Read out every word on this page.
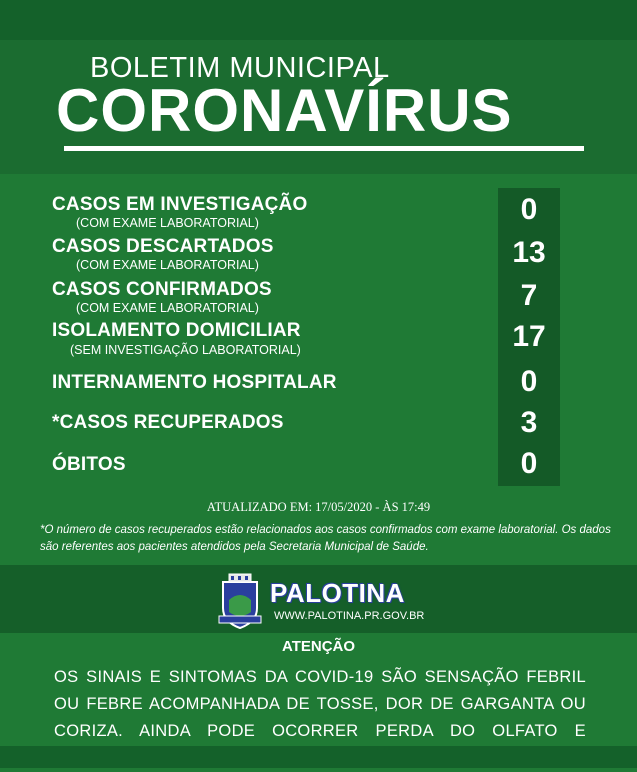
BOLETIM MUNICIPAL
CORONAVÍRUS
CASOS EM INVESTIGAÇÃO
(COM EXAME LABORATORIAL)	0
CASOS DESCARTADOS
(COM EXAME LABORATORIAL)	13
CASOS CONFIRMADOS
(COM EXAME LABORATORIAL)	7
ISOLAMENTO DOMICILIAR
(SEM INVESTIGAÇÃO LABORATORIAL)	17
INTERNAMENTO HOSPITALAR	0
*CASOS RECUPERADOS	3
ÓBITOS	0
ATUALIZADO EM: 17/05/2020 - ÀS 17:49
*O número de casos recuperados estão relacionados aos casos confirmados com exame laboratorial. Os dados são referentes aos pacientes atendidos pela Secretaria Municipal de Saúde.
PALOTINA
WWW.PALOTINA.PR.GOV.BR
ATENÇÃO
OS SINAIS E SINTOMAS DA COVID-19 SÃO SENSAÇÃO FEBRIL OU FEBRE ACOMPANHADA DE TOSSE, DOR DE GARGANTA OU CORIZA. AINDA PODE OCORRER PERDA DO OLFATO E
